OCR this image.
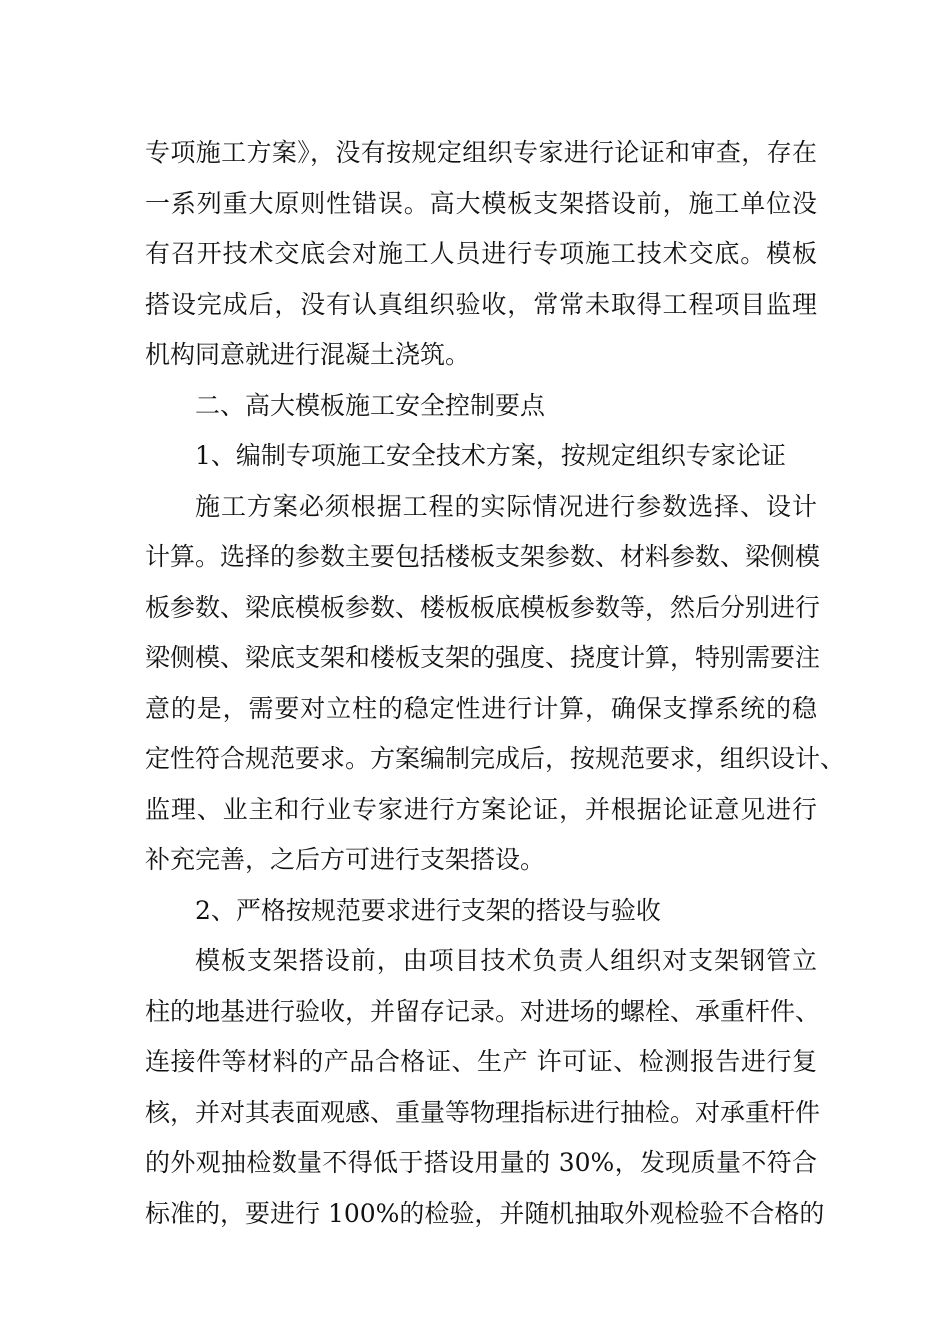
专项施工方案》，没有按规定组织专家进行论证和审查，存在
一系列重大原则性错误。高大模板支架搭设前，施工单位没
有召开技术交底会对施工人员进行专项施工技术交底。模板
搭设完成后，没有认真组织验收，常常未取得工程项目监理
机构同意就进行混凝土浇筑。
二、高大模板施工安全控制要点
1、编制专项施工安全技术方案，按规定组织专家论证
施工方案必须根据工程的实际情况进行参数选择、设计
计算。选择的参数主要包括楼板支架参数、材料参数、梁侧模
板参数、梁底模板参数、楼板板底模板参数等，然后分别进行
梁侧模、梁底支架和楼板支架的强度、挠度计算，特别需要注
意的是，需要对立柱的稳定性进行计算，确保支撑系统的稳
定性符合规范要求。方案编制完成后，按规范要求，组织设计、
监理、业主和行业专家进行方案论证，并根据论证意见进行
补充完善，之后方可进行支架搭设。
2、严格按规范要求进行支架的搭设与验收
模板支架搭设前，由项目技术负责人组织对支架钢管立
柱的地基进行验收，并留存记录。对进场的螺栓、承重杆件、
连接件等材料的产品合格证、生产 许可证、检测报告进行复
核，并对其表面观感、重量等物理指标进行抽检。对承重杆件
的外观抽检数量不得低于搭设用量的 30%，发现质量不符合
标准的，要进行 100%的检验，并随机抽取外观检验不合格的
